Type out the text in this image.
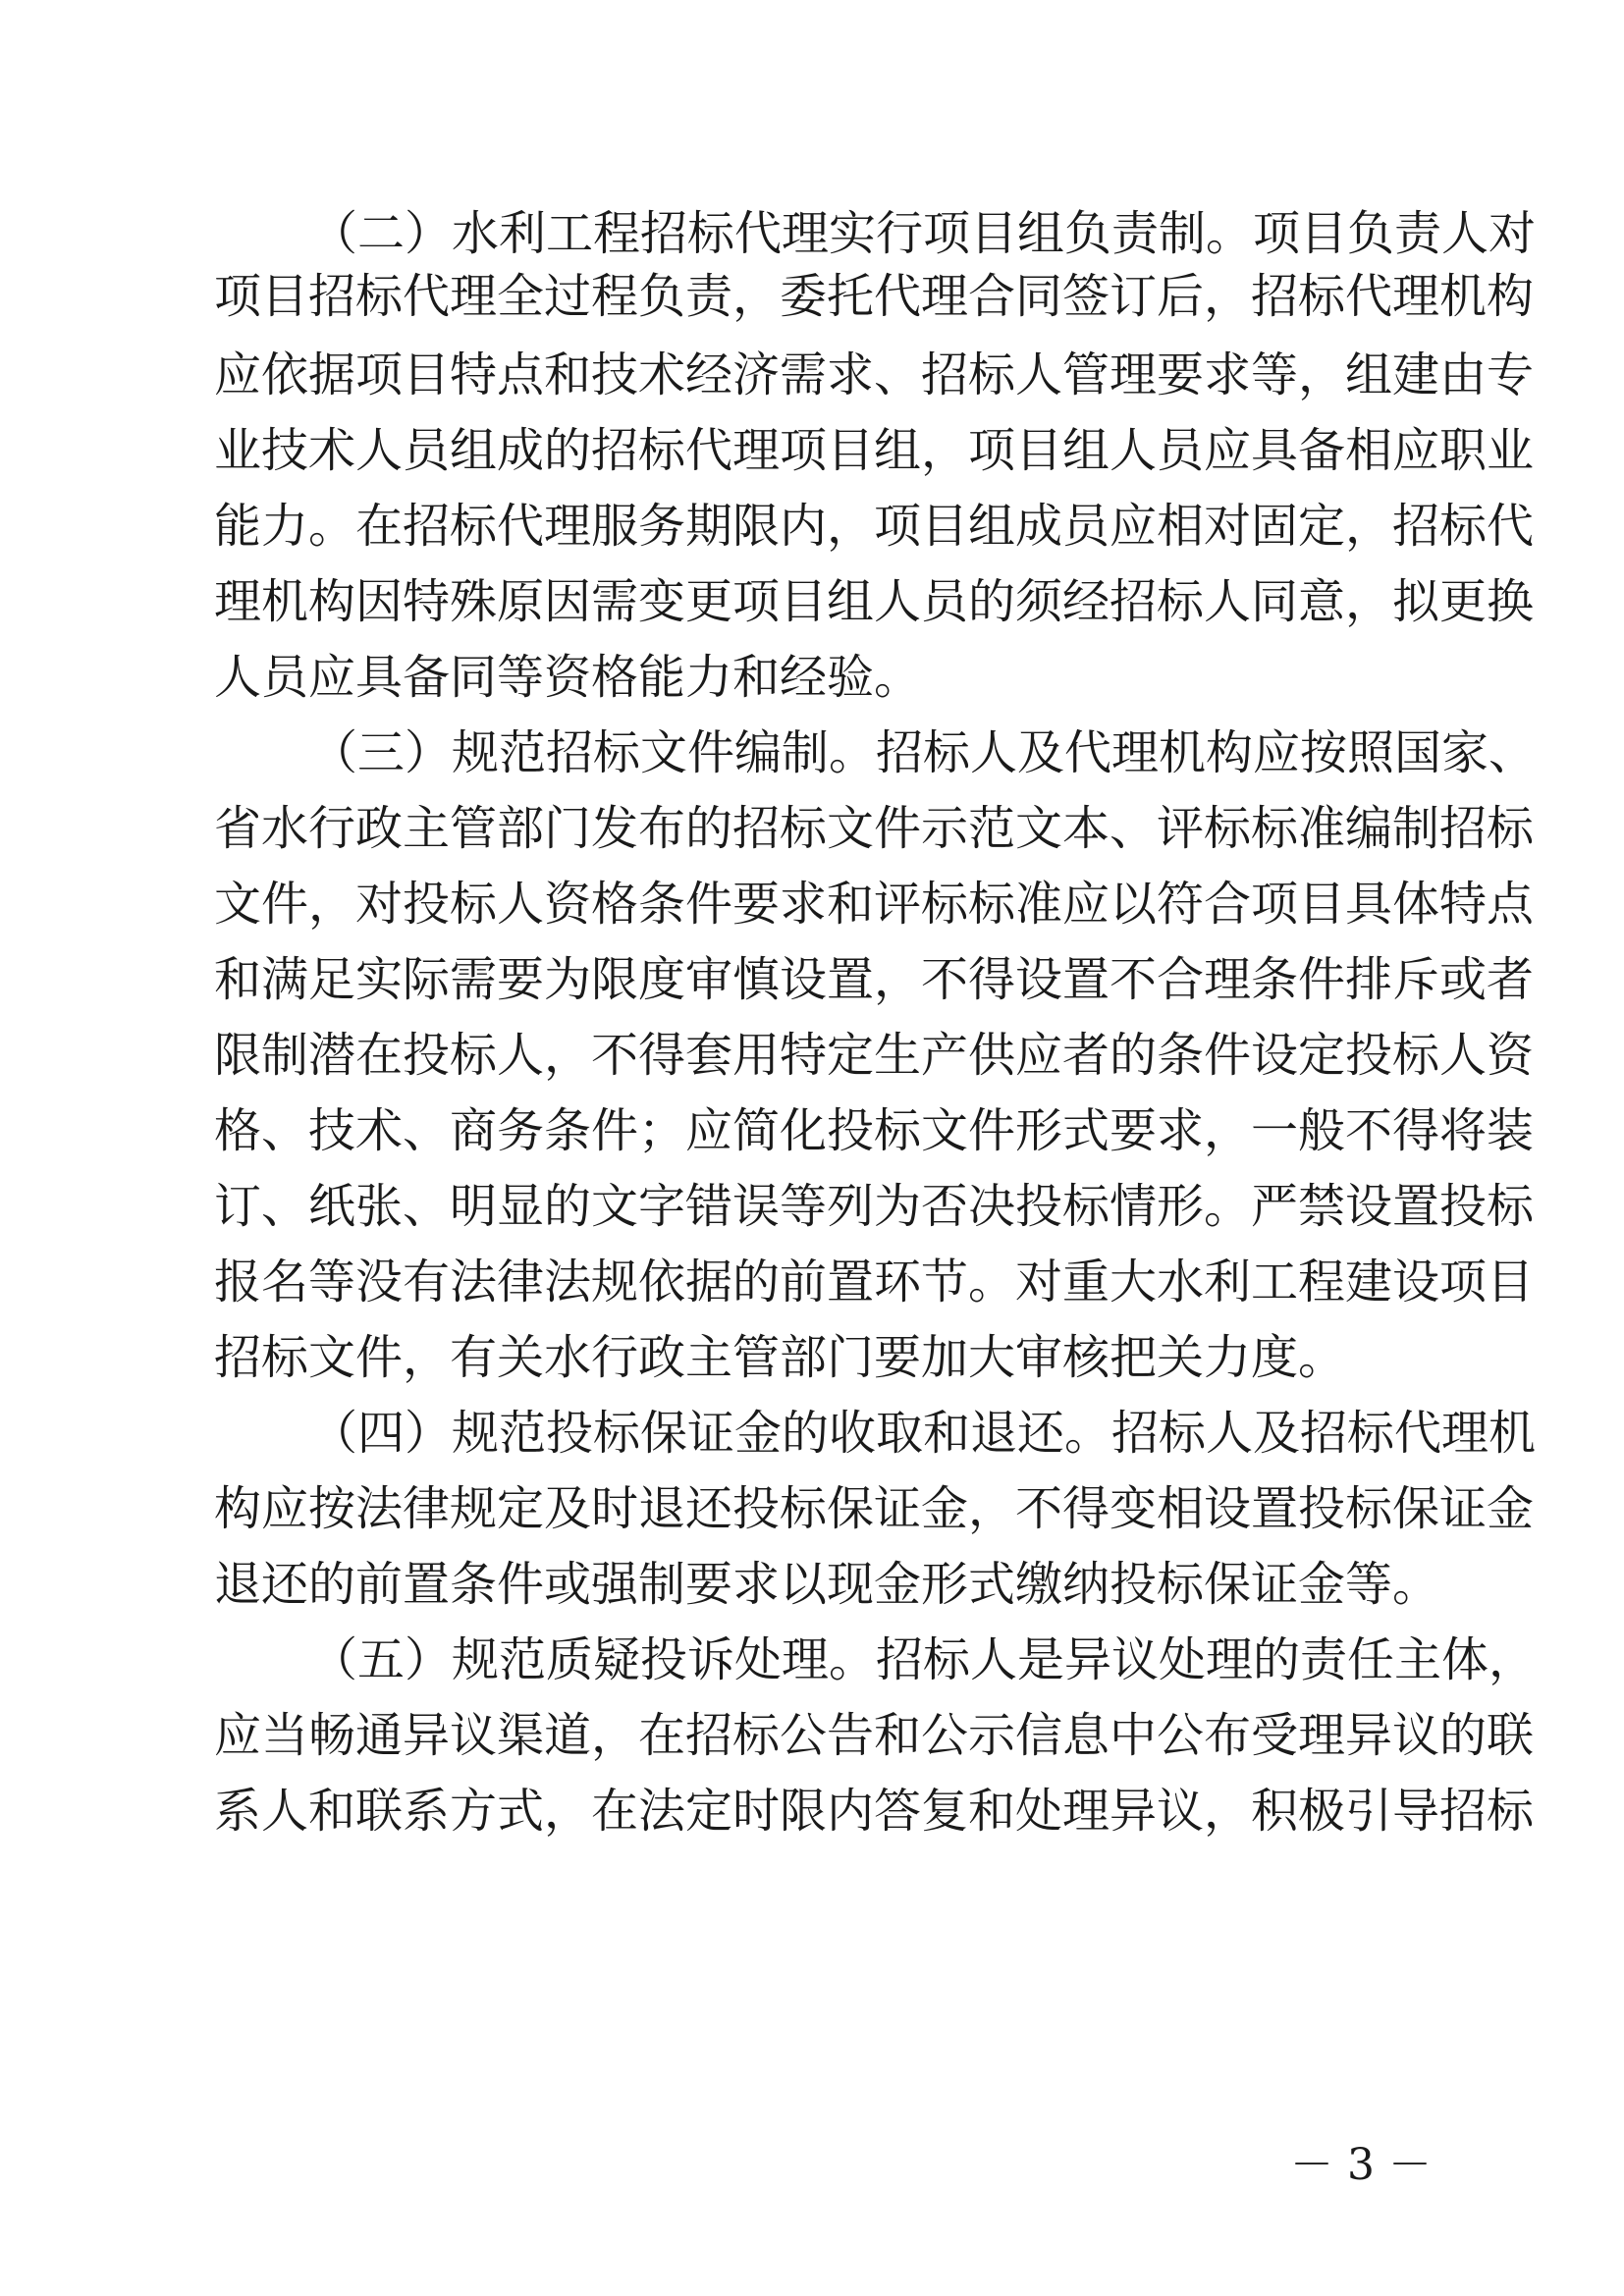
（二）水利工程招标代理实行项目组负责制。项目负责人对
项目招标代理全过程负责，委托代理合同签订后，招标代理机构
应依据项目特点和技术经济需求、招标人管理要求等，组建由专
业技术人员组成的招标代理项目组，项目组人员应具备相应职业
能力。在招标代理服务期限内，项目组成员应相对固定，招标代
理机构因特殊原因需变更项目组人员的须经招标人同意，拟更换
人员应具备同等资格能力和经验。
（三）规范招标文件编制。招标人及代理机构应按照国家、
省水行政主管部门发布的招标文件示范文本、评标标准编制招标
文件，对投标人资格条件要求和评标标准应以符合项目具体特点
和满足实际需要为限度审慎设置，不得设置不合理条件排斥或者
限制潜在投标人，不得套用特定生产供应者的条件设定投标人资
格、技术、商务条件；应简化投标文件形式要求，一般不得将装
订、纸张、明显的文字错误等列为否决投标情形。严禁设置投标
报名等没有法律法规依据的前置环节。对重大水利工程建设项目
招标文件，有关水行政主管部门要加大审核把关力度。
（四）规范投标保证金的收取和退还。招标人及招标代理机
构应按法律规定及时退还投标保证金，不得变相设置投标保证金
退还的前置条件或强制要求以现金形式缴纳投标保证金等。
（五）规范质疑投诉处理。招标人是异议处理的责任主体，
应当畅通异议渠道，在招标公告和公示信息中公布受理异议的联
系人和联系方式，在法定时限内答复和处理异议，积极引导招标
－ 3 －
